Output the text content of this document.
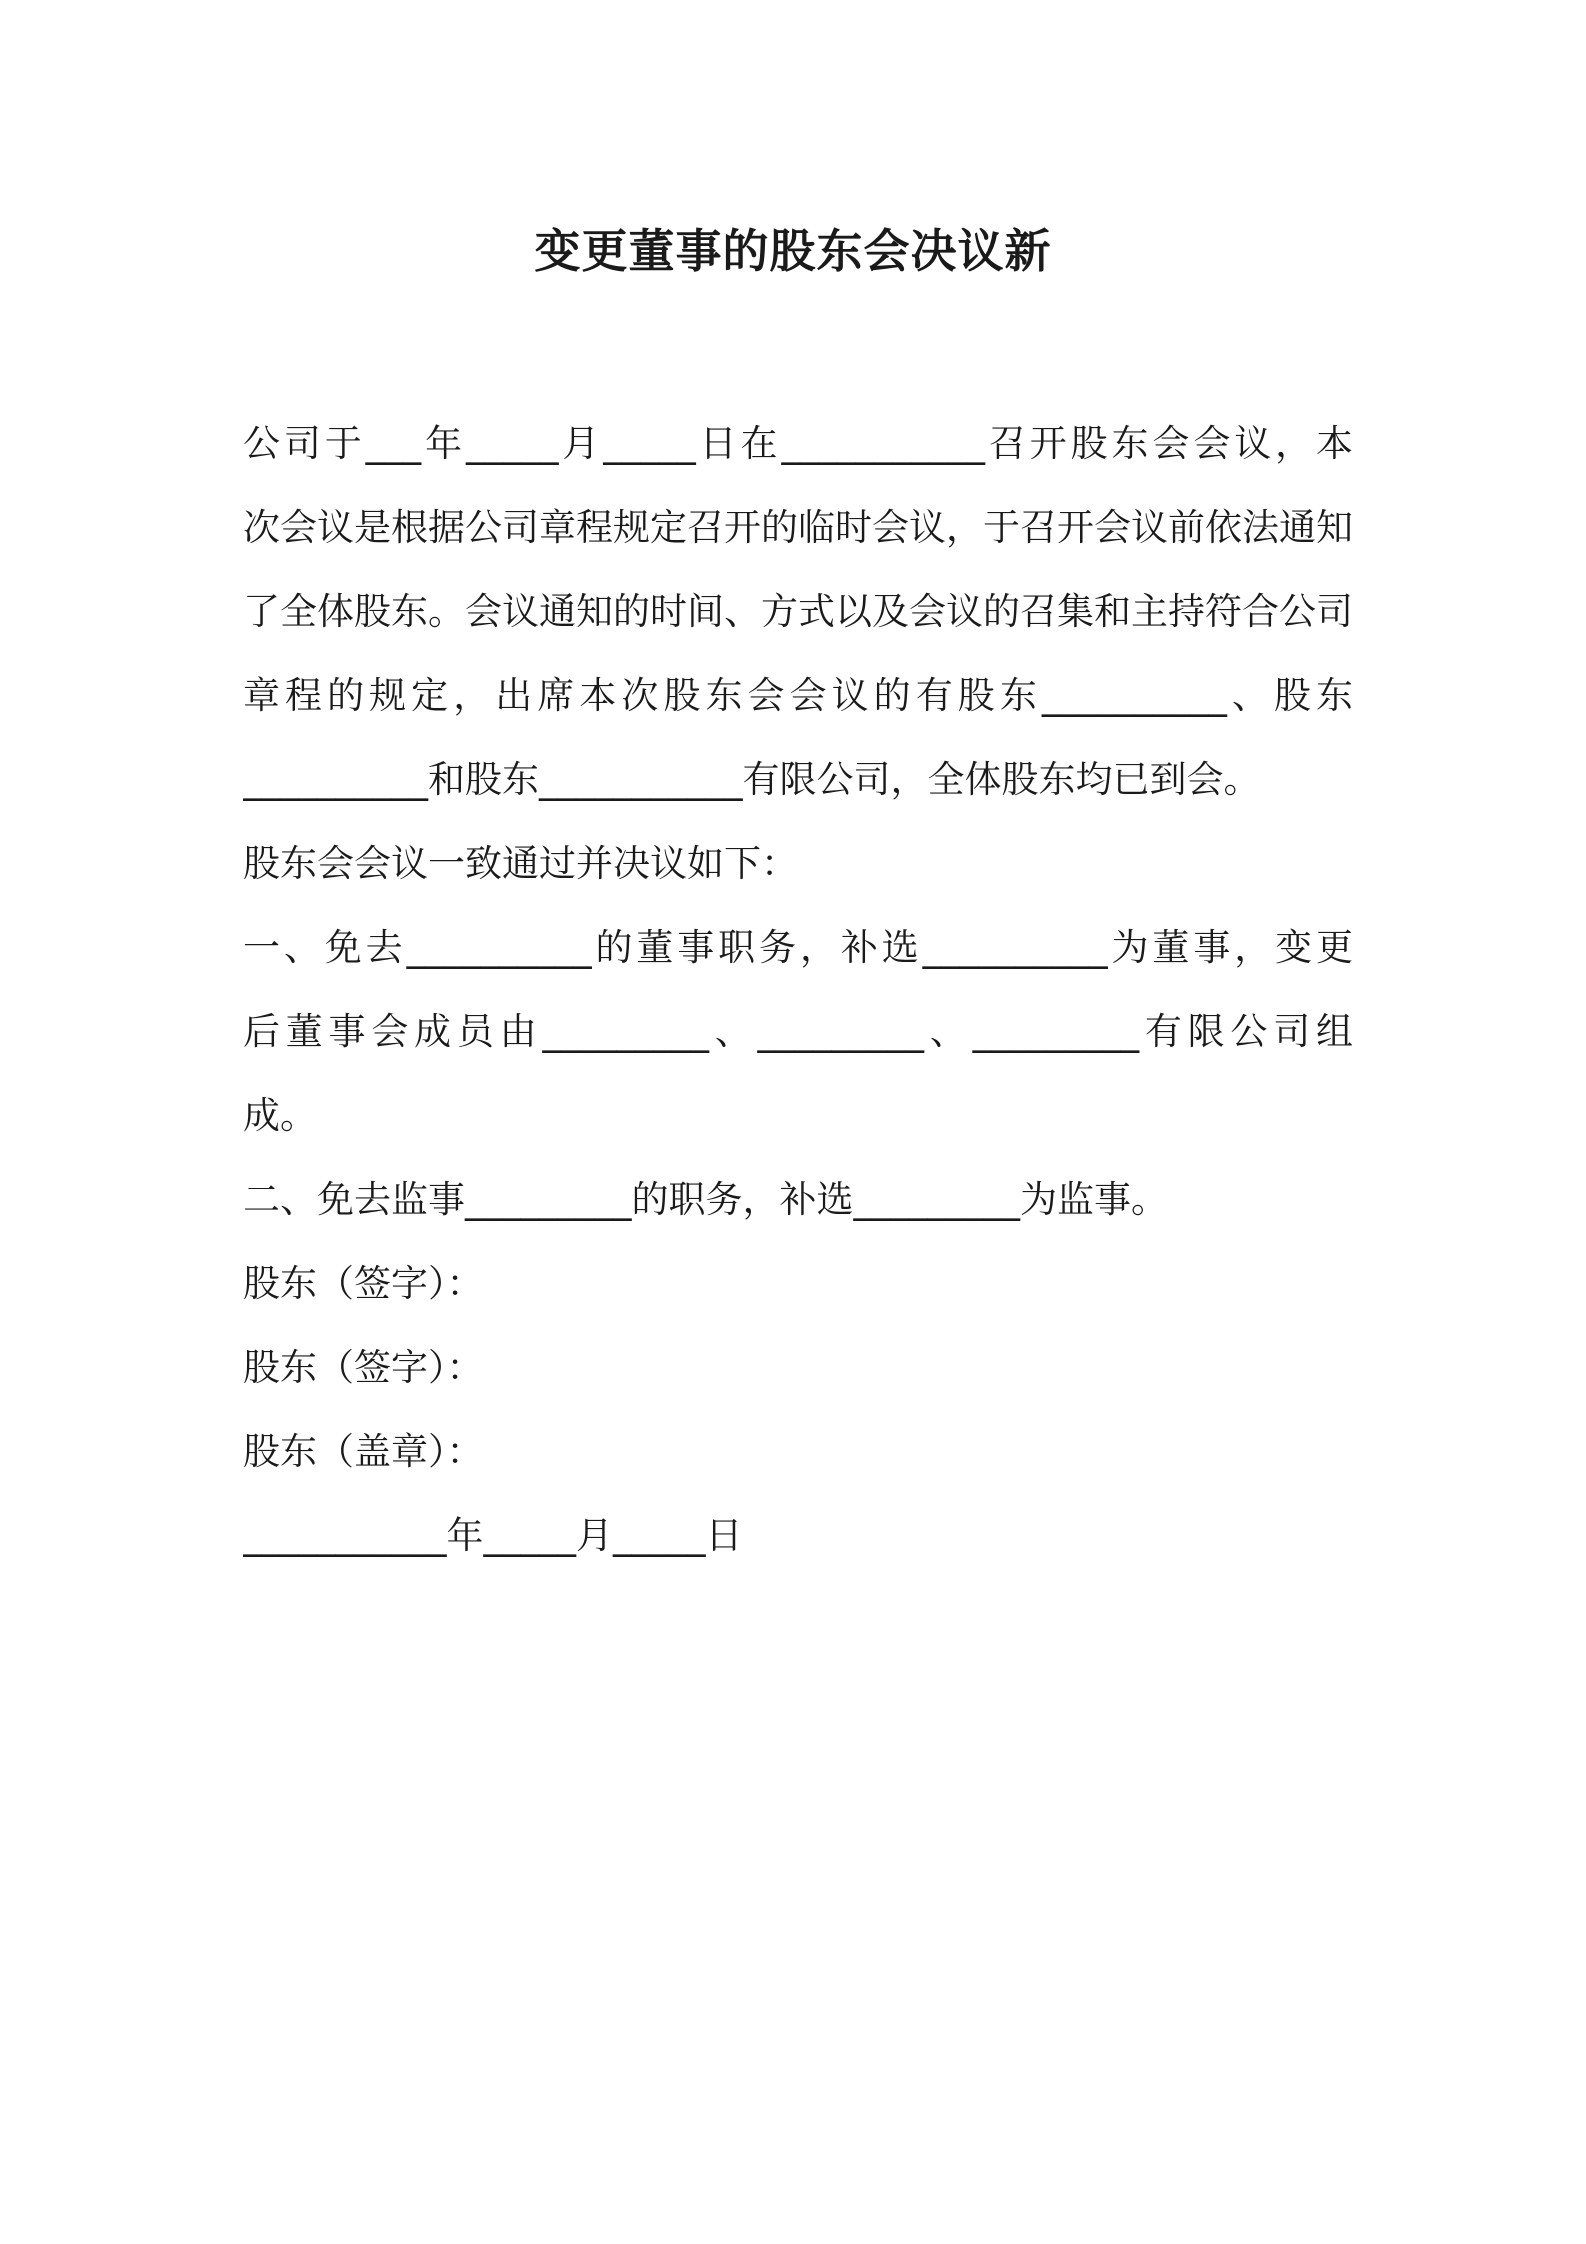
变更董事的股东会决议新
公司于___年_____月_____日在___________召开股东会会议，本
次会议是根据公司章程规定召开的临时会议，于召开会议前依法通知
了全体股东。会议通知的时间、方式以及会议的召集和主持符合公司
章程的规定，出席本次股东会会议的有股东__________、股东
__________和股东___________有限公司，全体股东均已到会。
股东会会议一致通过并决议如下：
一、免去__________的董事职务，补选__________为董事，变更
后董事会成员由_________、_________、_________有限公司组
成。
二、免去监事_________的职务，补选_________为监事。
股东（签字）：
股东（签字）：
股东（盖章）：
___________年_____月_____日
